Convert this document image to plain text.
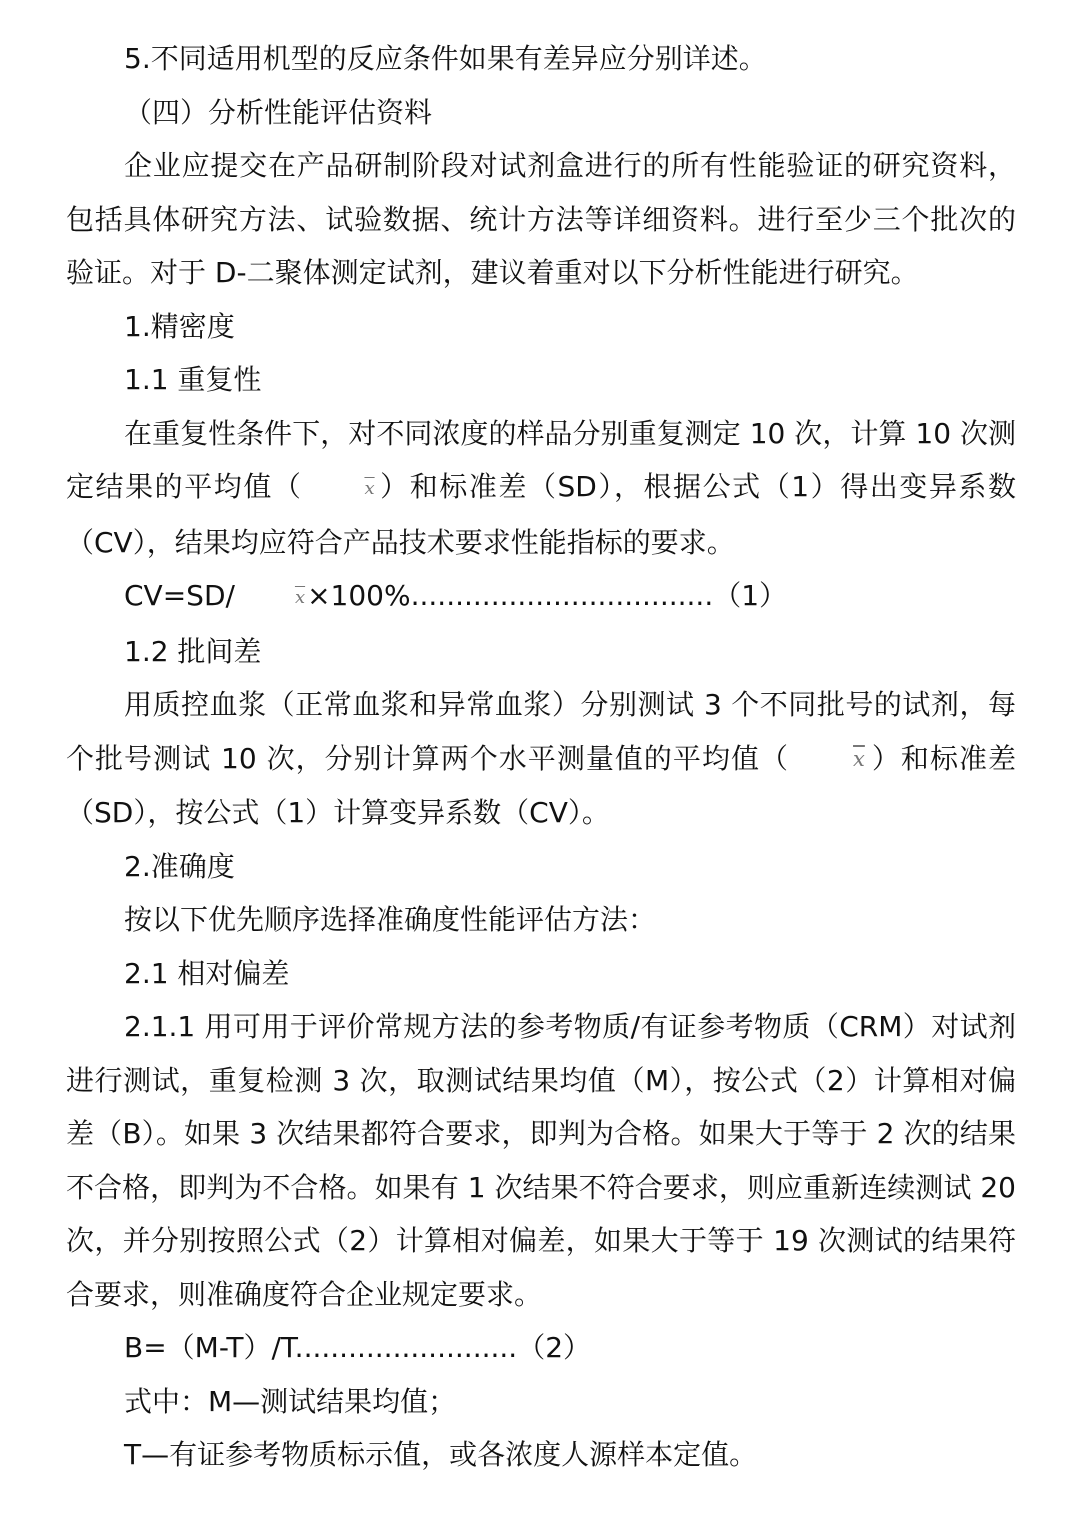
5.不同适用机型的反应条件如果有差异应分别详述。

（四）分析性能评估资料

企业应提交在产品研制阶段对试剂盒进行的所有性能验证的研究资料，包括具体研究方法、试验数据、统计方法等详细资料。进行至少三个批次的验证。对于 D-二聚体测定试剂，建议着重对以下分析性能进行研究。

1.精密度

1.1 重复性

在重复性条件下，对不同浓度的样品分别重复测定 10 次，计算 10 次测定结果的平均值（	$\overline{x}$ ）和标准差（SD），根据公式（1）得出变异系数（CV），结果均应符合产品技术要求性能指标的要求。

CV=SD/	$\overline{x}\times 100\%..................................(1)$

1.2 批间差

用质控血浆（正常血浆和异常血浆）分别测试 3 个不同批号的试剂，每个批号测试 10 次，分别计算两个水平测量值的平均值（	$\overline{x}$ ）和标准差（SD），按公式（1）计算变异系数（CV）。

2.准确度

按以下优先顺序选择准确度性能评估方法：

2.1 相对偏差

2.1.1 用可用于评价常规方法的参考物质/有证参考物质（CRM）对试剂进行测试，重复检测 3 次，取测试结果均值（M），按公式（2）计算相对偏差（B）。如果 3 次结果都符合要求，即判为合格。如果大于等于 2 次的结果不合格，即判为不合格。如果有 1 次结果不符合要求，则应重新连续测试 20 次，并分别按照公式（2）计算相对偏差，如果大于等于 19 次测试的结果符合要求，则准确度符合企业规定要求。

B=（M-T）/T.........................（2）

式中：M—测试结果均值；

T—有证参考物质标示值，或各浓度人源样本定值。
